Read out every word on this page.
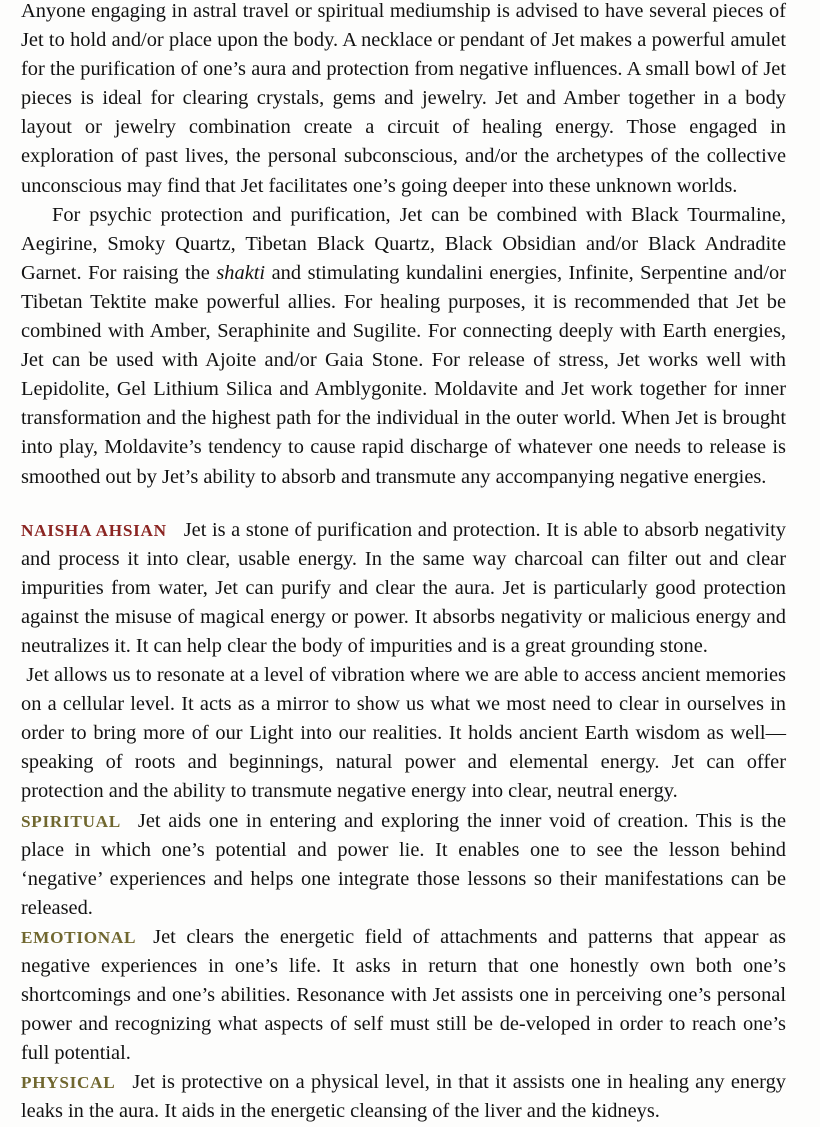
Anyone engaging in astral travel or spiritual mediumship is advised to have several pieces of Jet to hold and/or place upon the body. A necklace or pendant of Jet makes a powerful amulet for the purification of one’s aura and protection from negative influences. A small bowl of Jet pieces is ideal for clearing crystals, gems and jewelry. Jet and Amber together in a body layout or jewelry combination create a circuit of healing energy. Those engaged in exploration of past lives, the personal subconscious, and/or the archetypes of the collective unconscious may find that Jet facilitates one’s going deeper into these unknown worlds.

For psychic protection and purification, Jet can be combined with Black Tourmaline, Aegirine, Smoky Quartz, Tibetan Black Quartz, Black Obsidian and/or Black Andradite Garnet. For raising the shakti and stimulating kundalini energies, Infinite, Serpentine and/or Tibetan Tektite make powerful allies. For healing purposes, it is recommended that Jet be combined with Amber, Seraphinite and Sugilite. For connecting deeply with Earth energies, Jet can be used with Ajoite and/or Gaia Stone. For release of stress, Jet works well with Lepidolite, Gel Lithium Silica and Amblygonite. Moldavite and Jet work together for inner transformation and the highest path for the individual in the outer world. When Jet is brought into play, Moldavite’s tendency to cause rapid discharge of whatever one needs to release is smoothed out by Jet’s ability to absorb and transmute any accompanying negative energies.

NAISHA AHSIAN Jet is a stone of purification and protection. It is able to absorb negativity and process it into clear, usable energy. In the same way charcoal can filter out and clear impurities from water, Jet can purify and clear the aura. Jet is particularly good protection against the misuse of magical energy or power. It absorbs negativity or malicious energy and neutralizes it. It can help clear the body of impurities and is a great grounding stone.

Jet allows us to resonate at a level of vibration where we are able to access ancient memories on a cellular level. It acts as a mirror to show us what we most need to clear in ourselves in order to bring more of our Light into our realities. It holds ancient Earth wisdom as well—speaking of roots and beginnings, natural power and elemental energy. Jet can offer protection and the ability to transmute negative energy into clear, neutral energy.

SPIRITUAL Jet aids one in entering and exploring the inner void of creation. This is the place in which one’s potential and power lie. It enables one to see the lesson behind ‘negative’ experiences and helps one integrate those lessons so their manifestations can be released.

EMOTIONAL Jet clears the energetic field of attachments and patterns that appear as negative experiences in one’s life. It asks in return that one honestly own both one’s shortcomings and one’s abilities. Resonance with Jet assists one in perceiving one’s personal power and recognizing what aspects of self must still be de-veloped in order to reach one’s full potential.

PHYSICAL Jet is protective on a physical level, in that it assists one in healing any energy leaks in the aura. It aids in the energetic cleansing of the liver and the kidneys.
